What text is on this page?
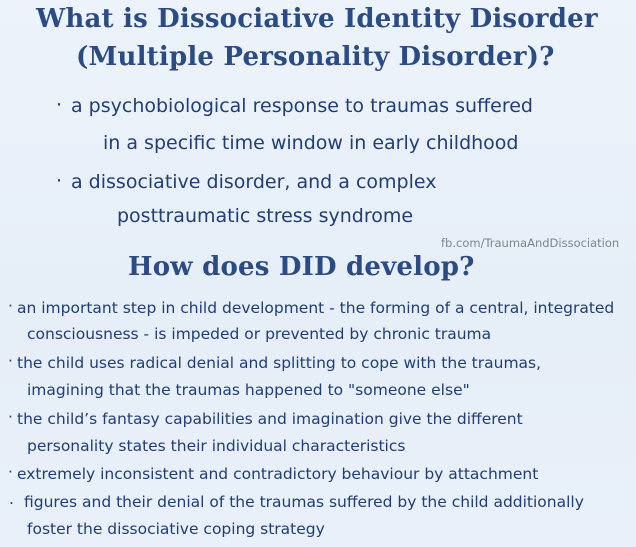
What is Dissociative Identity Disorder
(Multiple Personality Disorder)?
· a psychobiological response to traumas suffered
in a specific time window in early childhood
· a dissociative disorder, and a complex
posttraumatic stress syndrome
fb.com/TraumaAndDissociation
How does DID develop?
· an important step in child development - the forming of a central, integrated
consciousness - is impeded or prevented by chronic trauma
· the child uses radical denial and splitting to cope with the traumas,
imagining that the traumas happened to "someone else"
· the child’s fantasy capabilities and imagination give the different
personality states their individual characteristics
· extremely inconsistent and contradictory behaviour by attachment
. figures and their denial of the traumas suffered by the child additionally
foster the dissociative coping strategy
